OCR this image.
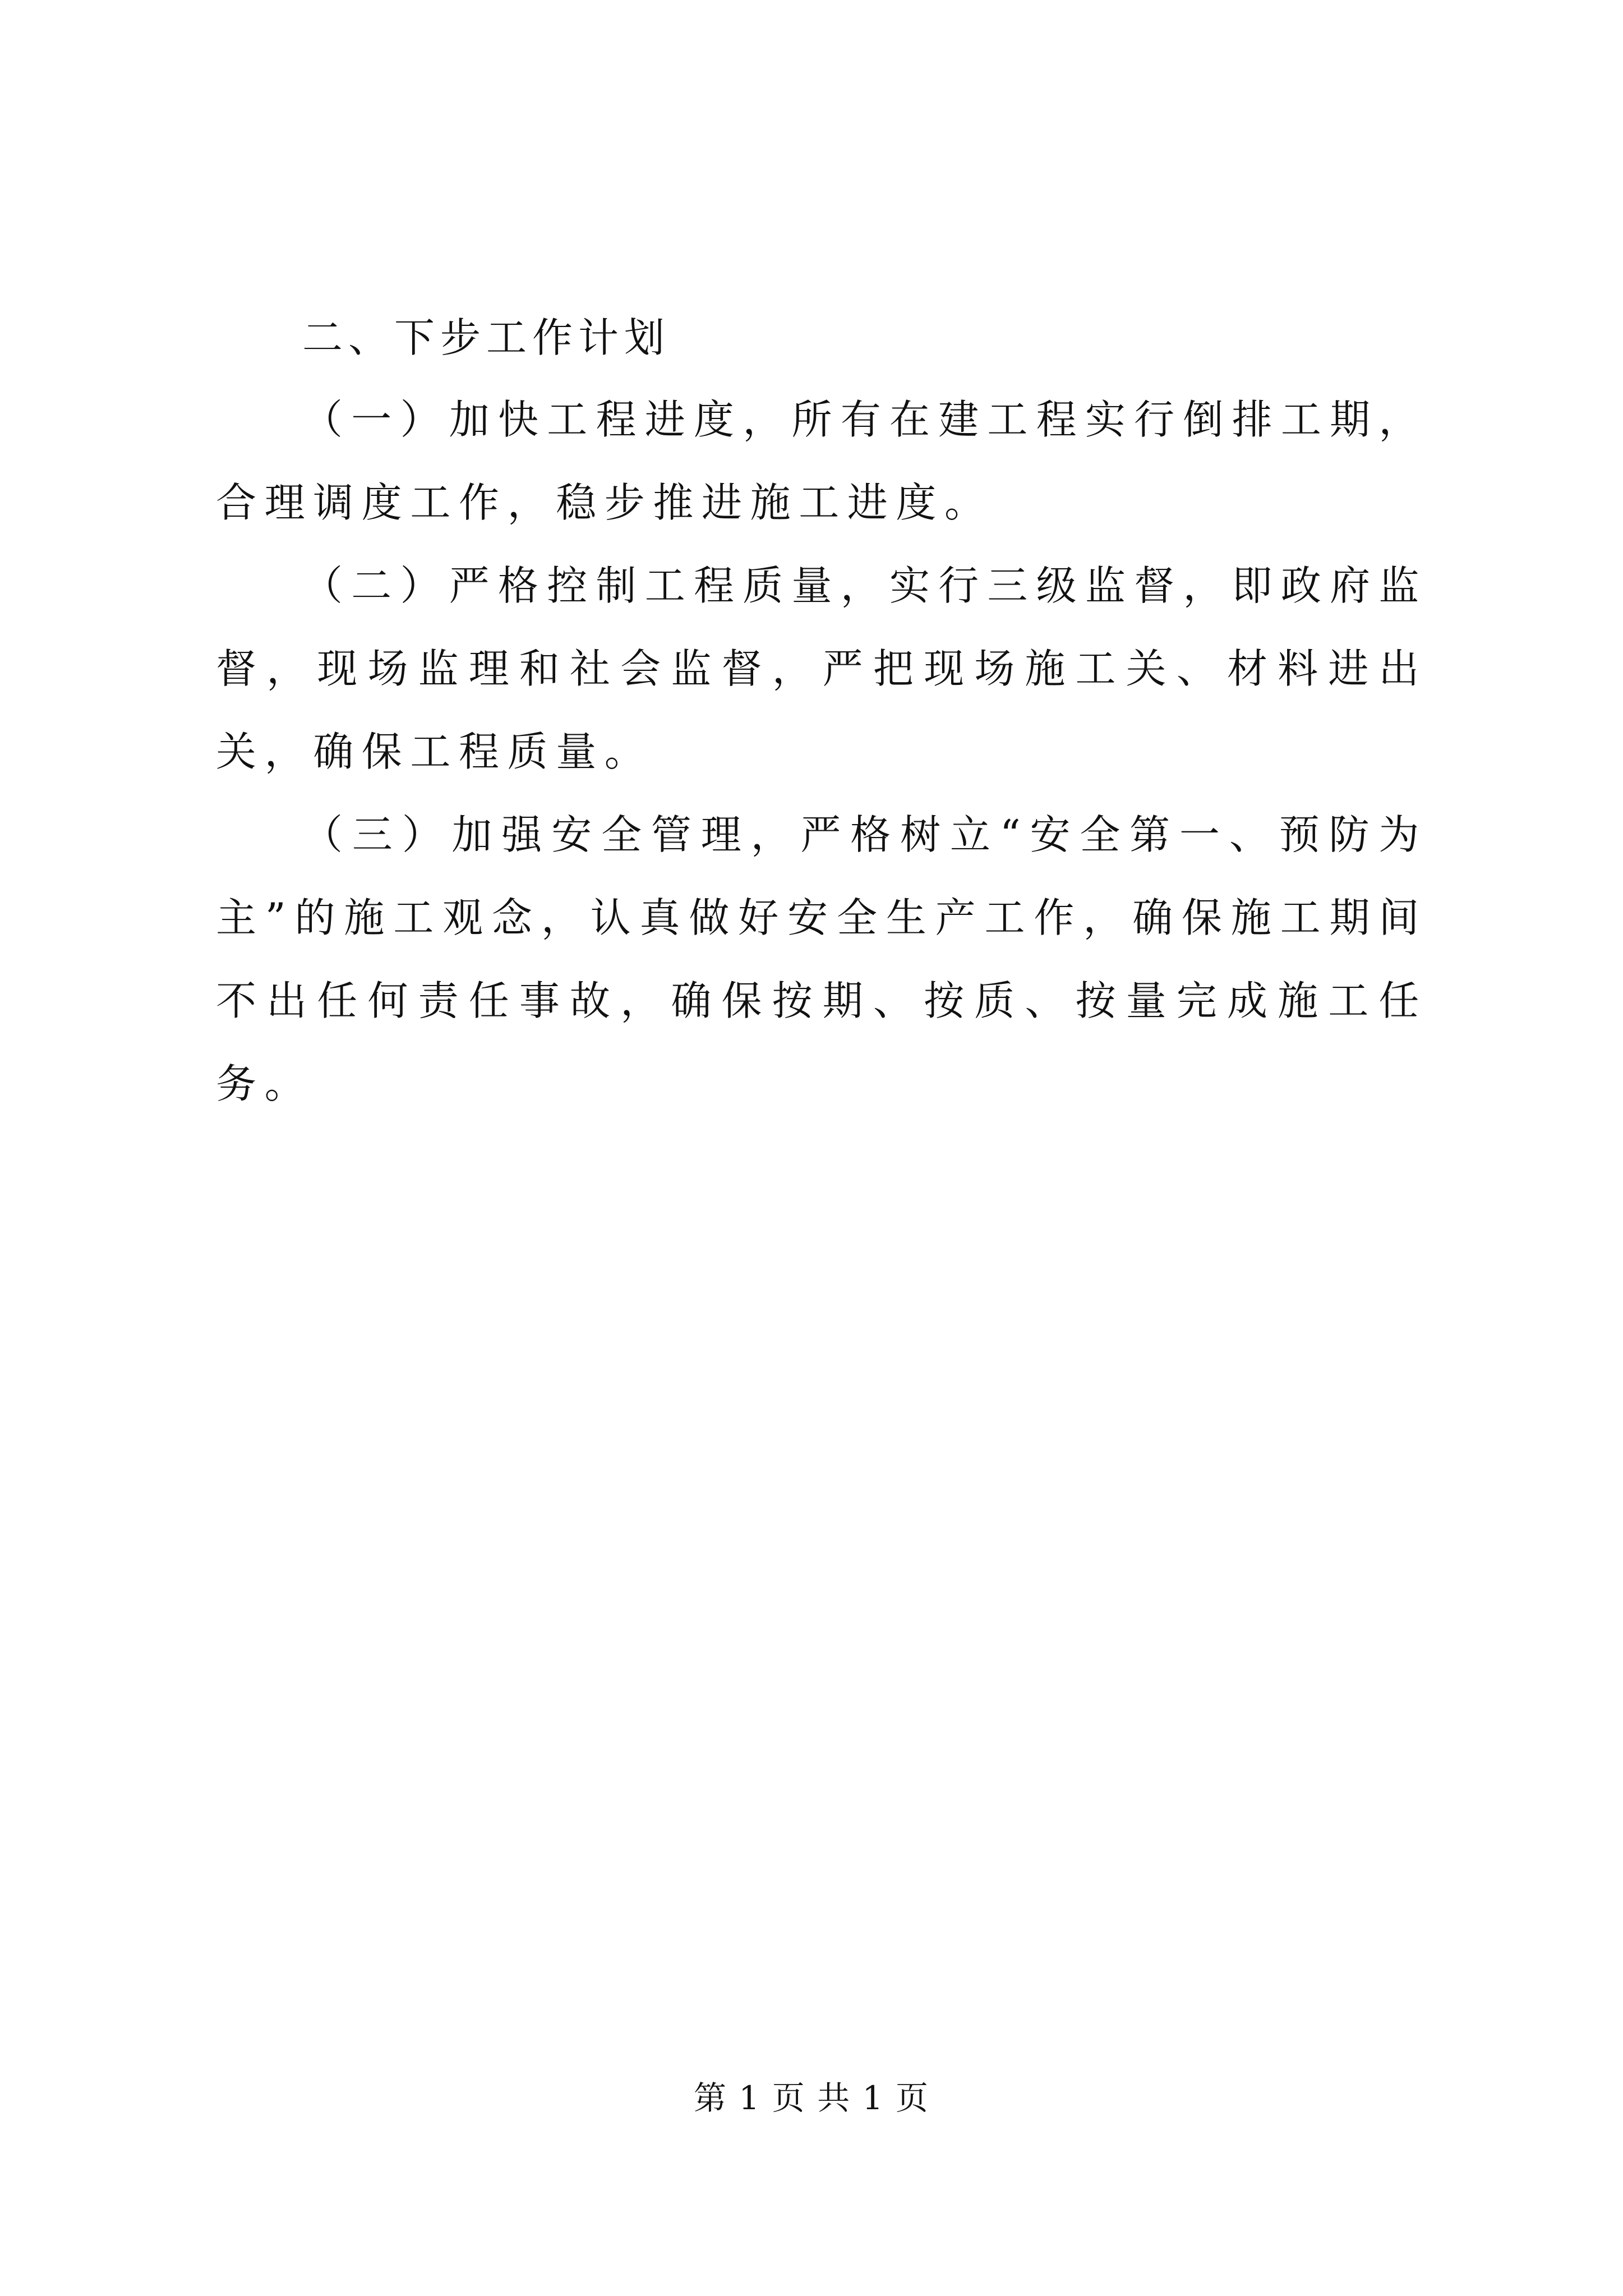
二、下步工作计划

（一）加快工程进度，所有在建工程实行倒排工期，合理调度工作，稳步推进施工进度。

（二）严格控制工程质量，实行三级监督，即政府监督，现场监理和社会监督，严把现场施工关、材料进出关，确保工程质量。

（三）加强安全管理，严格树立“安全第一、预防为主”的施工观念，认真做好安全生产工作，确保施工期间不出任何责任事故，确保按期、按质、按量完成施工任务。

第 1 页 共 1 页
